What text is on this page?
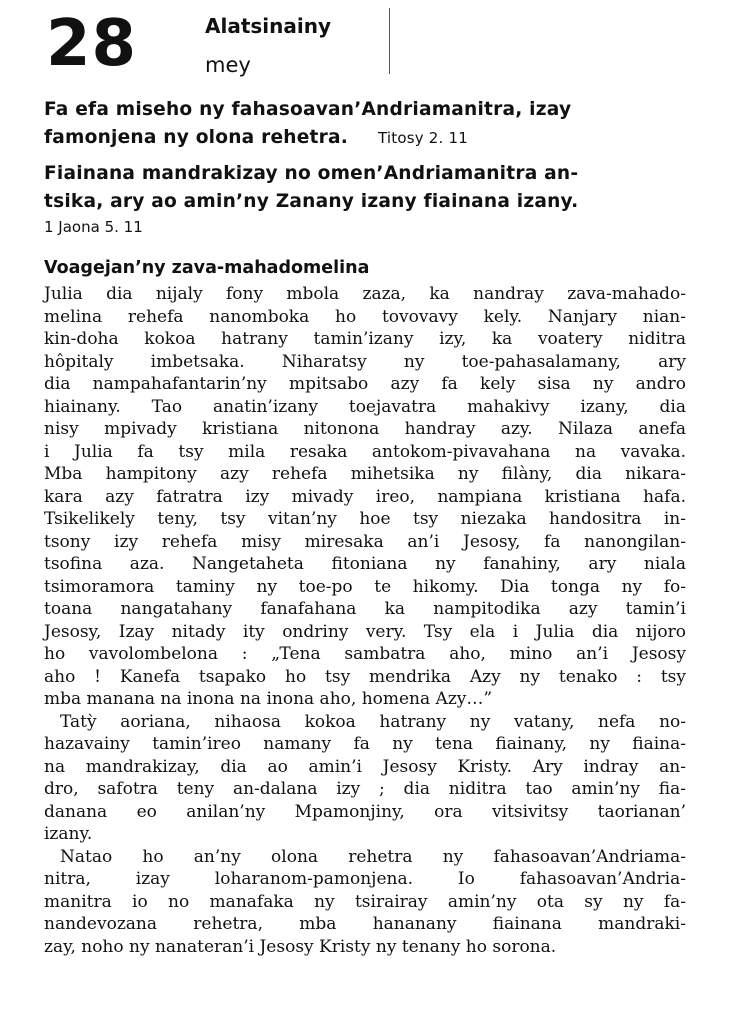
28	Alatsinainy
mey
Fa efa miseho ny fahasoavan’Andriamanitra, izay
famonjena ny olona rehetra. Titosy 2. 11
Fiainana mandrakizay no omen’Andriamanitra an-
tsika, ary ao amin’ny Zanany izany fiainana izany.
1 Jaona 5. 11
Voagejan’ny zava-mahadomelina
Julia dia nijaly fony mbola zaza, ka nandray zava-mahado-
melina rehefa nanomboka ho tovovavy kely. Nanjary nian-
kin-doha kokoa hatrany tamin’izany izy, ka voatery niditra
hôpitaly imbetsaka. Niharatsy ny toe-pahasalamany, ary
dia nampahafantarin’ny mpitsabo azy fa kely sisa ny andro
hiainany. Tao anatin’izany toejavatra mahakivy izany, dia
nisy mpivady kristiana nitonona handray azy. Nilaza anefa
i Julia fa tsy mila resaka antokom-pivavahana na vavaka.
Mba hampitony azy rehefa mihetsika ny filàny, dia nikara-
kara azy fatratra izy mivady ireo, nampiana kristiana hafa.
Tsikelikely teny, tsy vitan’ny hoe tsy niezaka handositra in-
tsony izy rehefa misy miresaka an’i Jesosy, fa nanongilan-
tsofina aza. Nangetaheta fitoniana ny fanahiny, ary niala
tsimoramora taminy ny toe-po te hikomy. Dia tonga ny fo-
toana nangatahany fanafahana ka nampitodika azy tamin’i
Jesosy, Izay nitady ity ondriny very. Tsy ela i Julia dia nijoro
ho vavolombelona : „Tena sambatra aho, mino an’i Jesosy
aho ! Kanefa tsapako ho tsy mendrika Azy ny tenako : tsy
mba manana na inona na inona aho, homena Azy…”
Tatỳ aoriana, nihaosa kokoa hatrany ny vatany, nefa no-
hazavainy tamin’ireo namany fa ny tena fiainany, ny fiaina-
na mandrakizay, dia ao amin’i Jesosy Kristy. Ary indray an-
dro, safotra teny an-dalana izy ; dia niditra tao amin’ny fia-
danana eo anilan’ny Mpamonjiny, ora vitsivitsy taorianan’
izany.
Natao ho an’ny olona rehetra ny fahasoavan’Andriama-
nitra, izay loharanom-pamonjena. Io fahasoavan’Andria-
manitra io no manafaka ny tsirairay amin’ny ota sy ny fa-
nandevozana rehetra, mba hananany fiainana mandraki-
zay, noho ny nanateran’i Jesosy Kristy ny tenany ho sorona.
